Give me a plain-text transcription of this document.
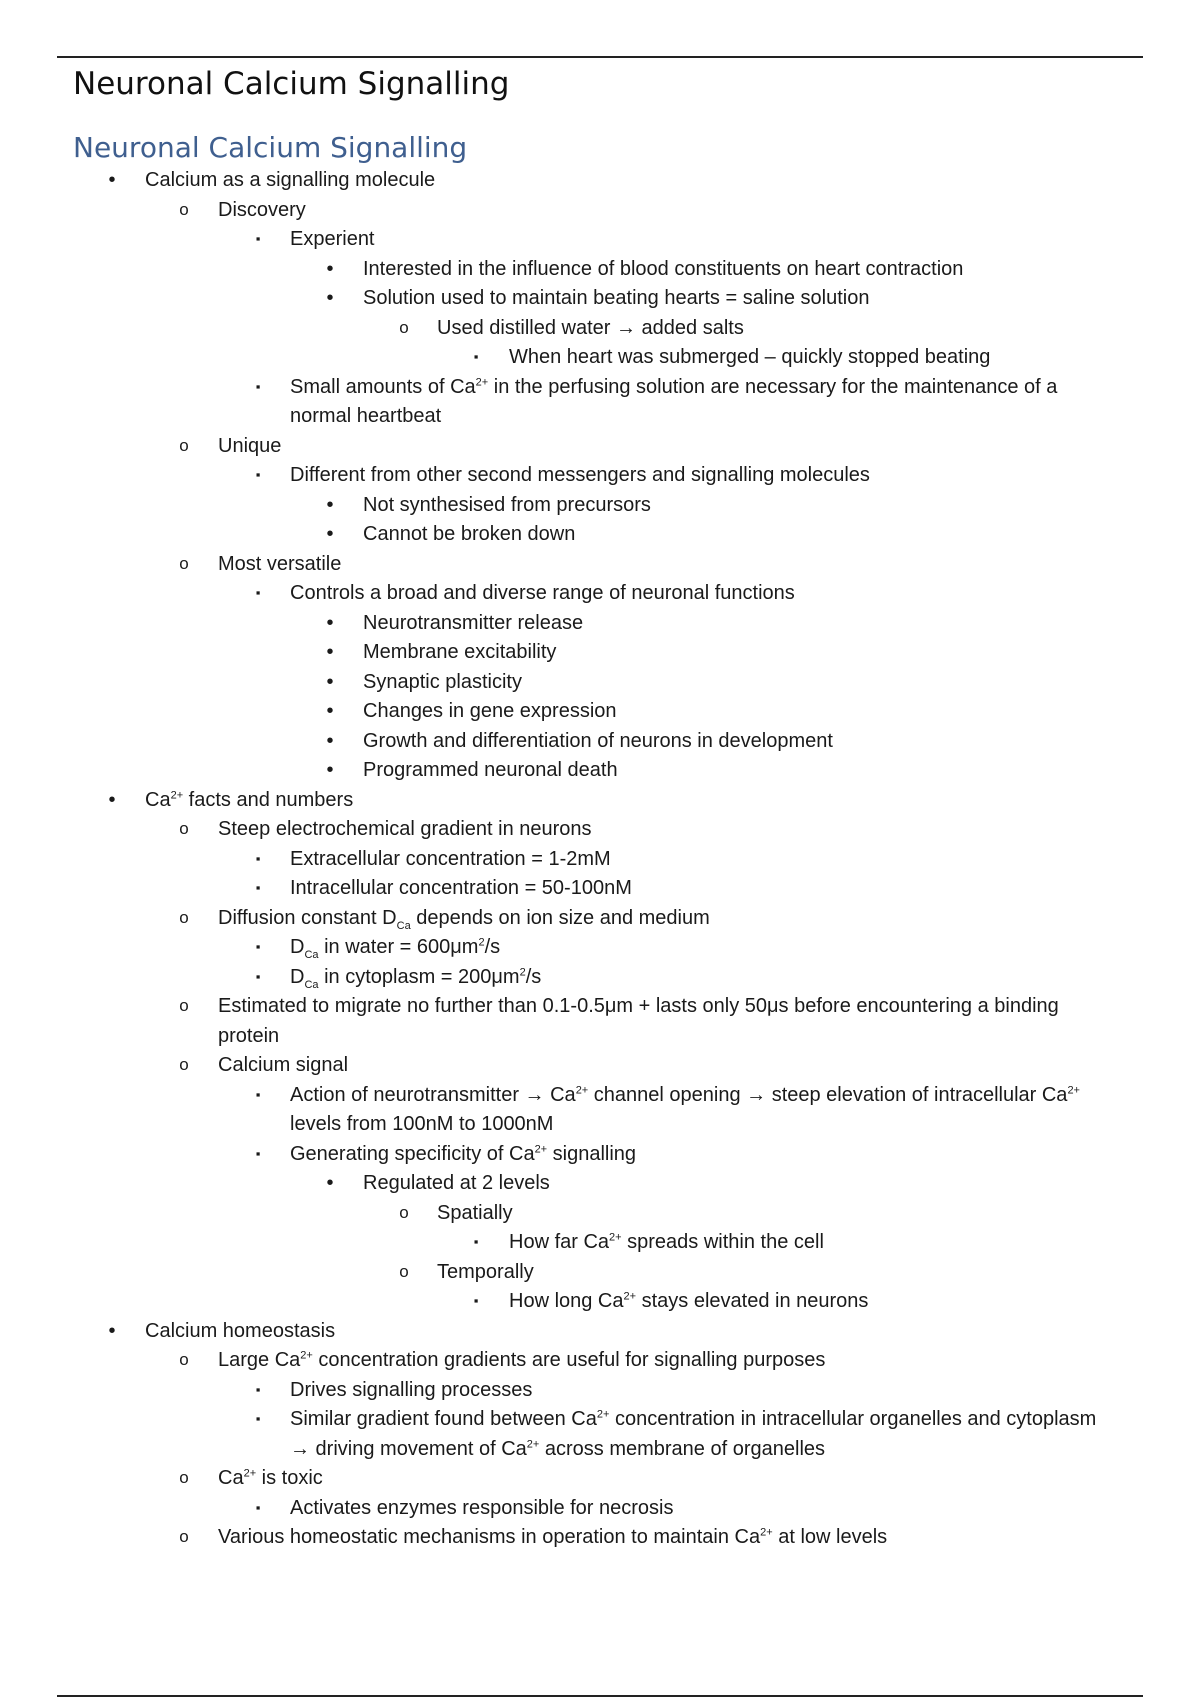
Neuronal Calcium Signalling
Neuronal Calcium Signalling
•	Calcium as a signalling molecule
o	Discovery
▪	Experient
•	Interested in the influence of blood constituents on heart contraction
•	Solution used to maintain beating hearts = saline solution
o	Used distilled water → added salts
▪	When heart was submerged – quickly stopped beating
▪	Small amounts of $Ca^{2+}$ in the perfusing solution are necessary for the maintenance of a
normal heartbeat
o	Unique
▪	Different from other second messengers and signalling molecules
•	Not synthesised from precursors
•	Cannot be broken down
o	Most versatile
▪	Controls a broad and diverse range of neuronal functions
•	Neurotransmitter release
•	Membrane excitability
•	Synaptic plasticity
•	Changes in gene expression
•	Growth and differentiation of neurons in development
•	Programmed neuronal death
•	$Ca^{2+}$ facts and numbers
o	Steep electrochemical gradient in neurons
▪	Extracellular concentration = 1-2mM
▪	Intracellular concentration = 50-100nM
o	Diffusion constant $D_{Ca}$ depends on ion size and medium
▪	$D_{Ca}$ in water = $600\mu m^2/s$
▪	$D_{Ca}$ in cytoplasm = $200\mu m^2/s$
o	Estimated to migrate no further than 0.1-0.5μm + lasts only 50μs before encountering a binding
protein
o	Calcium signal
▪	Action of neurotransmitter → $Ca^{2+}$ channel opening → steep elevation of intracellular $Ca^{2+}$
levels from 100nM to 1000nM
▪	Generating specificity of $Ca^{2+}$ signalling
•	Regulated at 2 levels
o	Spatially
▪	How far $Ca^{2+}$ spreads within the cell
o	Temporally
▪	How long $Ca^{2+}$ stays elevated in neurons
•	Calcium homeostasis
o	Large $Ca^{2+}$ concentration gradients are useful for signalling purposes
▪	Drives signalling processes
▪	Similar gradient found between $Ca^{2+}$ concentration in intracellular organelles and cytoplasm
→ driving movement of $Ca^{2+}$ across membrane of organelles
o	$Ca^{2+}$ is toxic
▪	Activates enzymes responsible for necrosis
o	Various homeostatic mechanisms in operation to maintain $Ca^{2+}$ at low levels
